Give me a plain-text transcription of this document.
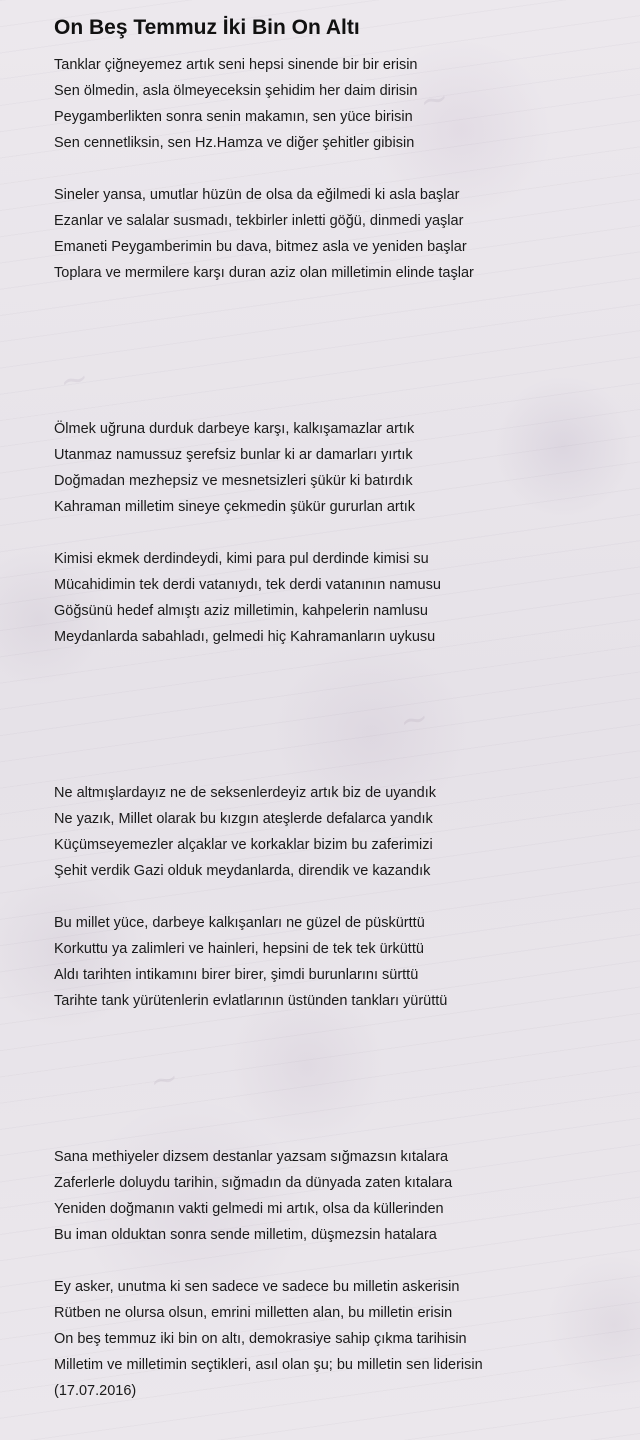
~
~
~
~
On Beş Temmuz İki Bin On Altı
Tanklar çiğneyemez artık seni hepsi sinende bir bir erisin
Sen ölmedin, asla ölmeyeceksin şehidim her daim dirisin
Peygamberlikten sonra senin makamın, sen yüce birisin
Sen cennetliksin, sen Hz.Hamza ve diğer şehitler gibisin
Sineler yansa, umutlar hüzün de olsa da eğilmedi ki asla başlar
Ezanlar ve salalar susmadı, tekbirler inletti göğü, dinmedi yaşlar
Emaneti Peygamberimin bu dava, bitmez asla ve yeniden başlar
Toplara ve mermilere karşı duran aziz olan milletimin elinde taşlar
Ölmek uğruna durduk darbeye karşı, kalkışamazlar artık
Utanmaz namussuz şerefsiz bunlar ki ar damarları yırtık
Doğmadan mezhepsiz ve mesnetsizleri şükür ki batırdık
Kahraman milletim sineye çekmedin şükür gururlan artık
Kimisi ekmek derdindeydi, kimi para pul derdinde kimisi su
Mücahidimin tek derdi vatanıydı, tek derdi vatanının namusu
Göğsünü hedef almıştı aziz milletimin, kahpelerin namlusu
Meydanlarda sabahladı, gelmedi hiç Kahramanların uykusu
Ne altmışlardayız ne de seksenlerdeyiz artık biz de uyandık
Ne yazık, Millet olarak bu kızgın ateşlerde defalarca yandık
Küçümseyemezler alçaklar ve korkaklar bizim bu zaferimizi
Şehit verdik Gazi olduk meydanlarda, direndik ve kazandık
Bu millet yüce, darbeye kalkışanları ne güzel de püskürttü
Korkuttu ya zalimleri ve hainleri, hepsini de tek tek ürküttü
Aldı tarihten intikamını birer birer, şimdi burunlarını sürttü
Tarihte tank yürütenlerin evlatlarının üstünden tankları yürüttü
Sana methiyeler dizsem destanlar yazsam sığmazsın kıtalara
Zaferlerle doluydu tarihin, sığmadın da dünyada zaten kıtalara
Yeniden doğmanın vakti gelmedi mi artık, olsa da küllerinden
Bu iman olduktan sonra sende milletim, düşmezsin hatalara
Ey asker, unutma ki sen sadece ve sadece bu milletin askerisin
Rütben ne olursa olsun, emrini milletten alan, bu milletin erisin
On beş temmuz iki bin on altı, demokrasiye sahip çıkma tarihisin
Milletim ve milletimin seçtikleri, asıl olan şu; bu milletin sen liderisin
(17.07.2016)
